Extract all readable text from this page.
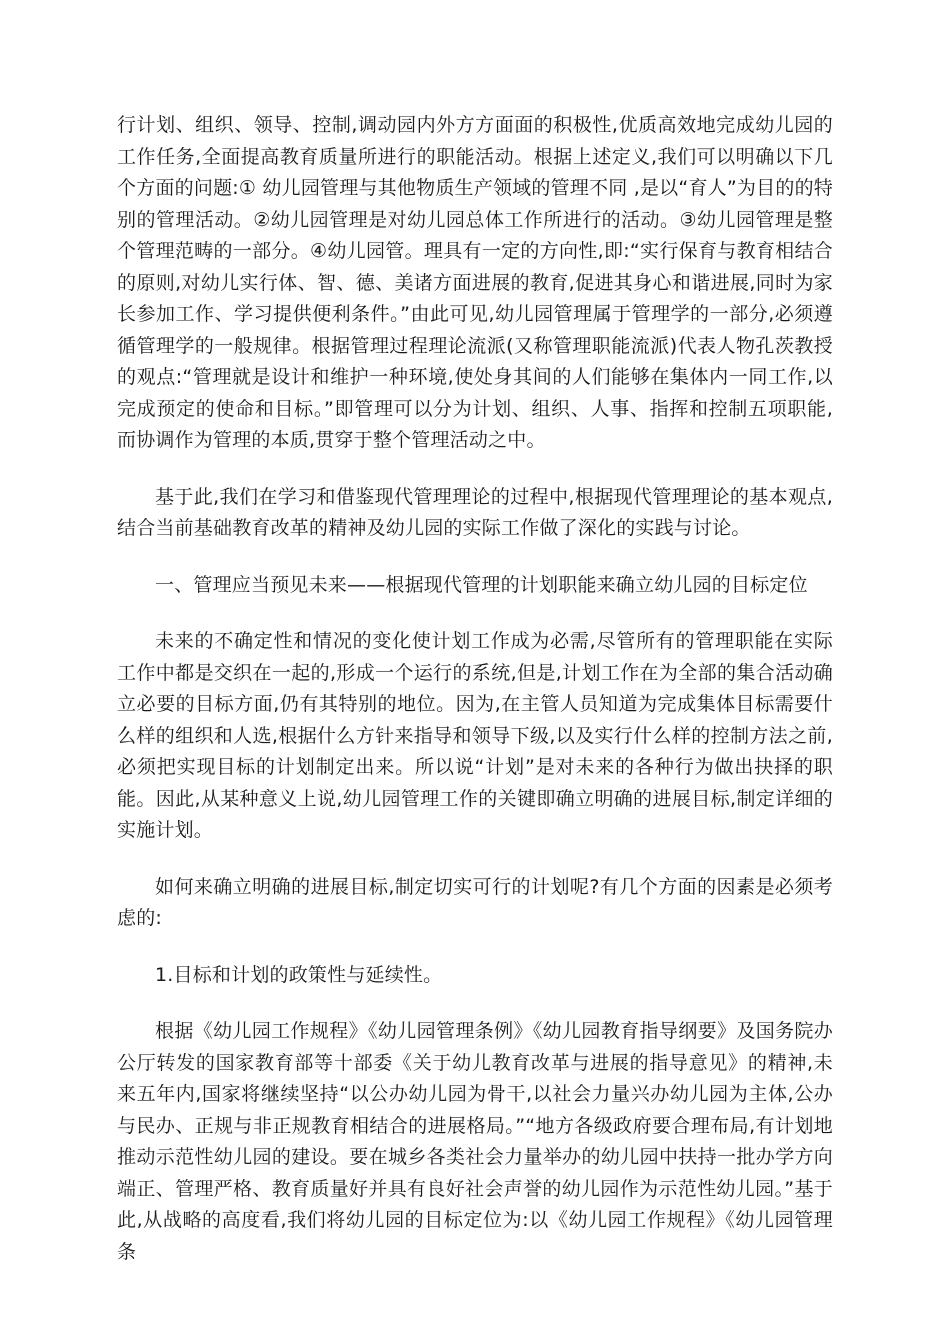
行计划、组织、领导、控制,调动园内外方方面面的积极性,优质高效地完成幼儿园的工作任务,全面提高教育质量所进行的职能活动。根据上述定义,我们可以明确以下几个方面的问题:① 幼儿园管理与其他物质生产领域的管理不同 ,是以“育人”为目的的特别的管理活动。②幼儿园管理是对幼儿园总体工作所进行的活动。③幼儿园管理是整个管理范畴的一部分。④幼儿园管。理具有一定的方向性,即:“实行保育与教育相结合的原则,对幼儿实行体、智、德、美诸方面进展的教育,促进其身心和谐进展,同时为家长参加工作、学习提供便利条件。”由此可见,幼儿园管理属于管理学的一部分,必须遵循管理学的一般规律。根据管理过程理论流派(又称管理职能流派)代表人物孔茨教授的观点:“管理就是设计和维护一种环境,使处身其间的人们能够在集体内一同工作,以完成预定的使命和目标。”即管理可以分为计划、组织、人事、指挥和控制五项职能,而协调作为管理的本质,贯穿于整个管理活动之中。

基于此,我们在学习和借鉴现代管理理论的过程中,根据现代管理理论的基本观点,结合当前基础教育改革的精神及幼儿园的实际工作做了深化的实践与讨论。

一、管理应当预见未来——根据现代管理的计划职能来确立幼儿园的目标定位

未来的不确定性和情况的变化使计划工作成为必需,尽管所有的管理职能在实际工作中都是交织在一起的,形成一个运行的系统,但是,计划工作在为全部的集合活动确立必要的目标方面,仍有其特别的地位。因为,在主管人员知道为完成集体目标需要什么样的组织和人选,根据什么方针来指导和领导下级,以及实行什么样的控制方法之前,必须把实现目标的计划制定出来。所以说“计划”是对未来的各种行为做出抉择的职能。因此,从某种意义上说,幼儿园管理工作的关键即确立明确的进展目标,制定详细的实施计划。

如何来确立明确的进展目标,制定切实可行的计划呢?有几个方面的因素是必须考虑的:

1.目标和计划的政策性与延续性。

根据《幼儿园工作规程》《幼儿园管理条例》《幼儿园教育指导纲要》及国务院办公厅转发的国家教育部等十部委《关于幼儿教育改革与进展的指导意见》的精神,未来五年内,国家将继续坚持“以公办幼儿园为骨干,以社会力量兴办幼儿园为主体,公办与民办、正规与非正规教育相结合的进展格局。”“地方各级政府要合理布局,有计划地推动示范性幼儿园的建设。要在城乡各类社会力量举办的幼儿园中扶持一批办学方向端正、管理严格、教育质量好并具有良好社会声誉的幼儿园作为示范性幼儿园。”基于此,从战略的高度看,我们将幼儿园的目标定位为:以《幼儿园工作规程》《幼儿园管理条
